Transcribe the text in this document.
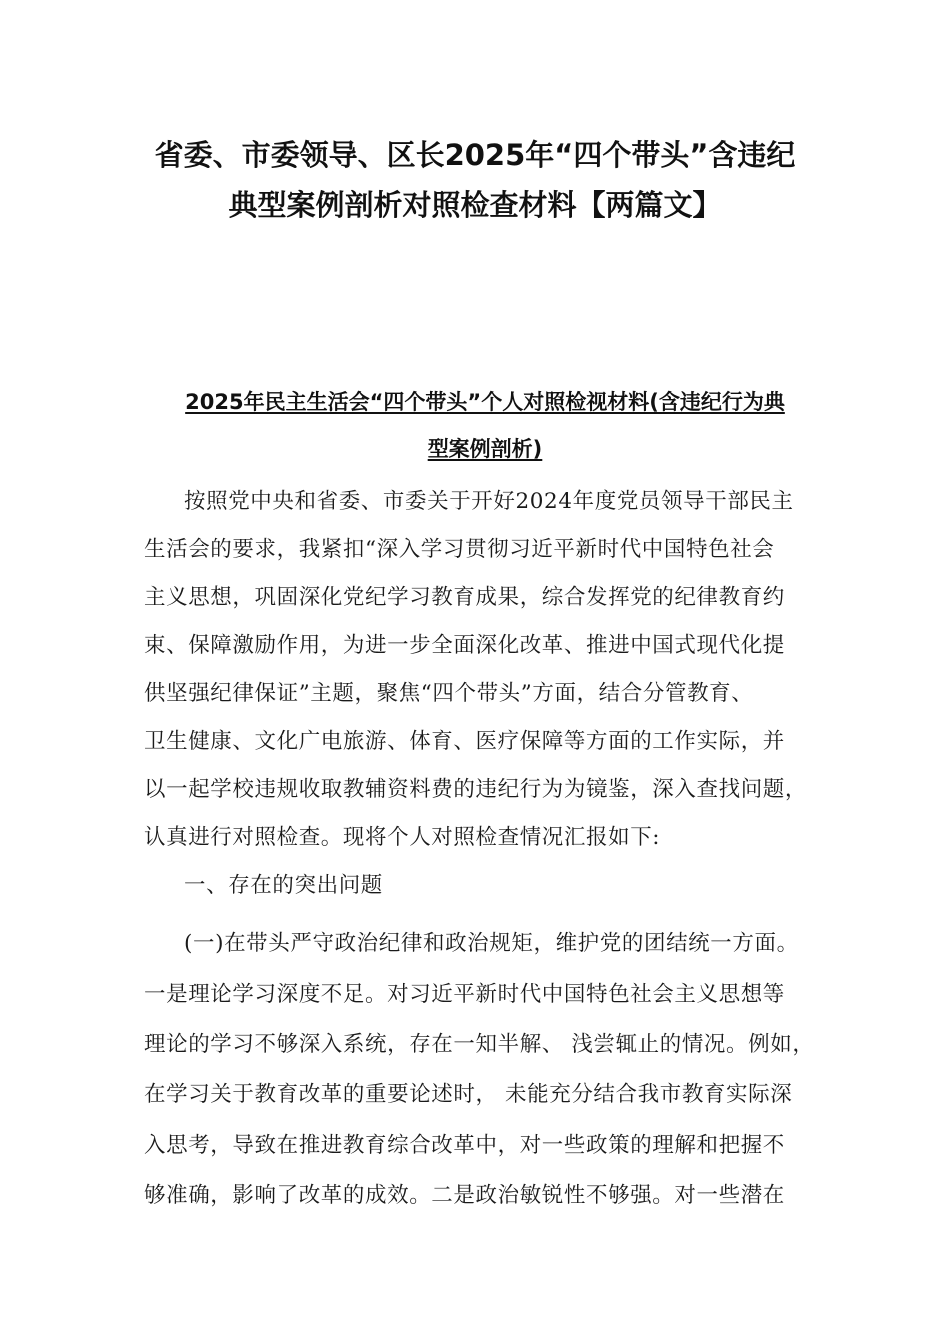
省委、市委领导、区长2025年“四个带头”含违纪
典型案例剖析对照检查材料【两篇文】
2025年民主生活会“四个带头”个人对照检视材料(含违纪行为典
型案例剖析)
按照党中央和省委、市委关于开好2024年度党员领导干部民主
生活会的要求，我紧扣“深入学习贯彻习近平新时代中国特色社会
主义思想，巩固深化党纪学习教育成果，综合发挥党的纪律教育约
束、保障激励作用，为进一步全面深化改革、推进中国式现代化提
供坚强纪律保证”主题，聚焦“四个带头”方面，结合分管教育、
卫生健康、文化广电旅游、体育、医疗保障等方面的工作实际，并
以一起学校违规收取教辅资料费的违纪行为为镜鉴，深入查找问题，
认真进行对照检查。现将个人对照检查情况汇报如下:
一、存在的突出问题
(一)在带头严守政治纪律和政治规矩，维护党的团结统一方面。
一是理论学习深度不足。对习近平新时代中国特色社会主义思想等
理论的学习不够深入系统，存在一知半解、 浅尝辄止的情况。例如，
在学习关于教育改革的重要论述时， 未能充分结合我市教育实际深
入思考，导致在推进教育综合改革中，对一些政策的理解和把握不
够准确，影响了改革的成效。二是政治敏锐性不够强。对一些潜在
